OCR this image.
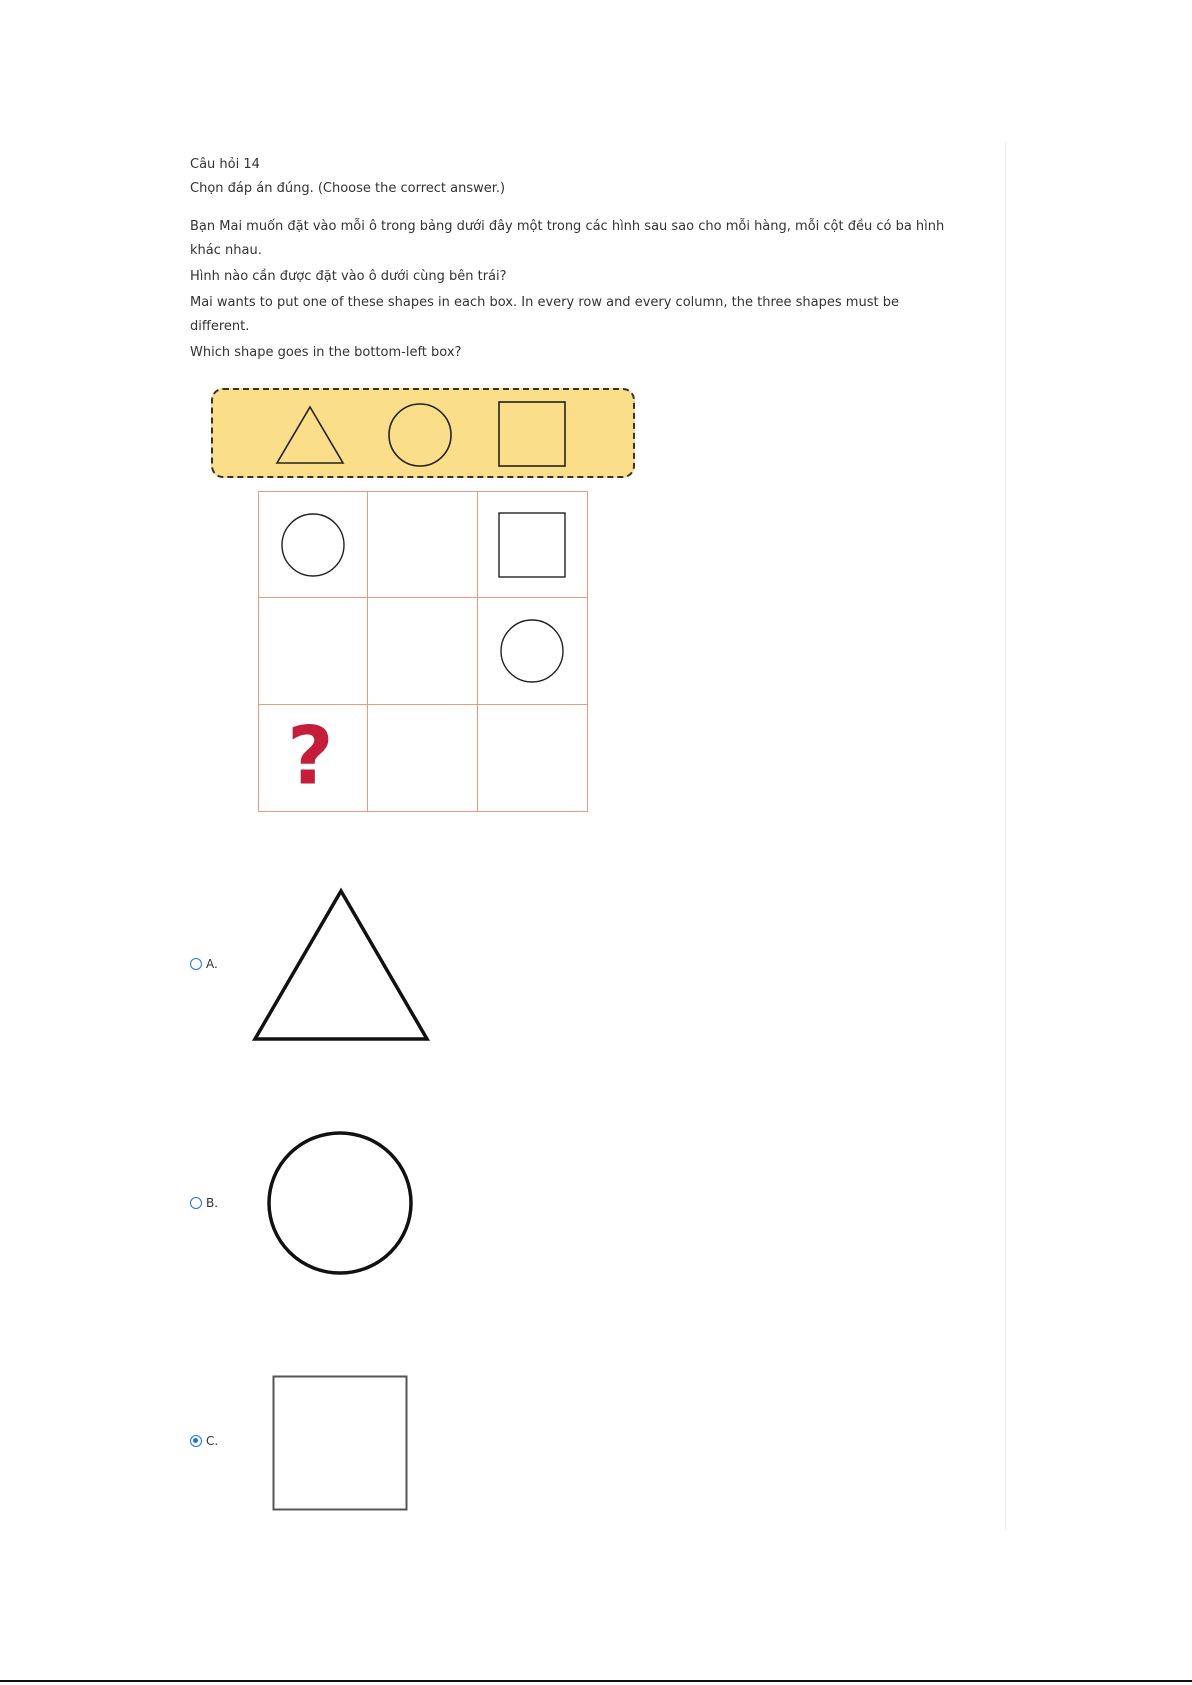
Câu hỏi 14
Chọn đáp án đúng. (Choose the correct answer.)
Bạn Mai muốn đặt vào mỗi ô trong bảng dưới đây một trong các hình sau sao cho mỗi hàng, mỗi cột đều có ba hình
khác nhau.
Hình nào cần được đặt vào ô dưới cùng bên trái?
Mai wants to put one of these shapes in each box. In every row and every column, the three shapes must be
different.
Which shape goes in the bottom-left box?
?
A.
B.
C.
